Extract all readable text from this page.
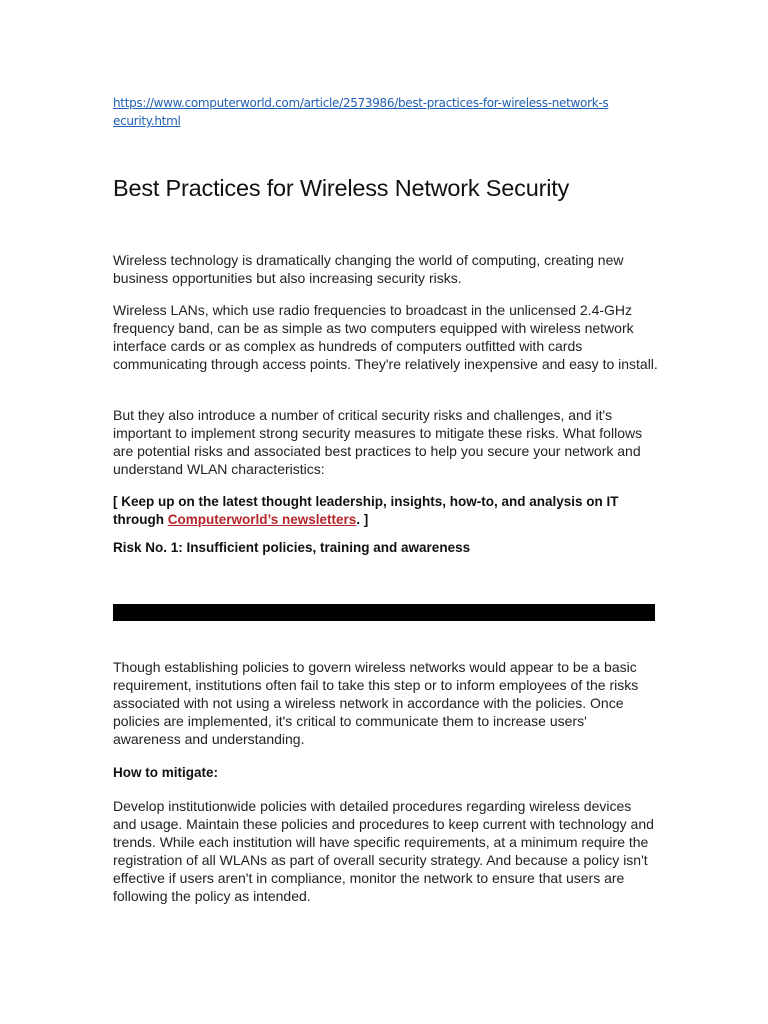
https://www.computerworld.com/article/2573986/best-practices-for-wireless-network-security.html
Best Practices for Wireless Network Security

Wireless technology is dramatically changing the world of computing, creating new business opportunities but also increasing security risks.

Wireless LANs, which use radio frequencies to broadcast in the unlicensed 2.4-GHz frequency band, can be as simple as two computers equipped with wireless network interface cards or as complex as hundreds of computers outfitted with cards communicating through access points. They're relatively inexpensive and easy to install.

But they also introduce a number of critical security risks and challenges, and it's important to implement strong security measures to mitigate these risks. What follows are potential risks and associated best practices to help you secure your network and understand WLAN characteristics:

[ Keep up on the latest thought leadership, insights, how-to, and analysis on IT through Computerworld’s newsletters. ]

Risk No. 1: Insufficient policies, training and awareness

Though establishing policies to govern wireless networks would appear to be a basic requirement, institutions often fail to take this step or to inform employees of the risks associated with not using a wireless network in accordance with the policies. Once policies are implemented, it's critical to communicate them to increase users' awareness and understanding.

How to mitigate:

Develop institutionwide policies with detailed procedures regarding wireless devices and usage. Maintain these policies and procedures to keep current with technology and trends. While each institution will have specific requirements, at a minimum require the registration of all WLANs as part of overall security strategy. And because a policy isn't effective if users aren't in compliance, monitor the network to ensure that users are following the policy as intended.
